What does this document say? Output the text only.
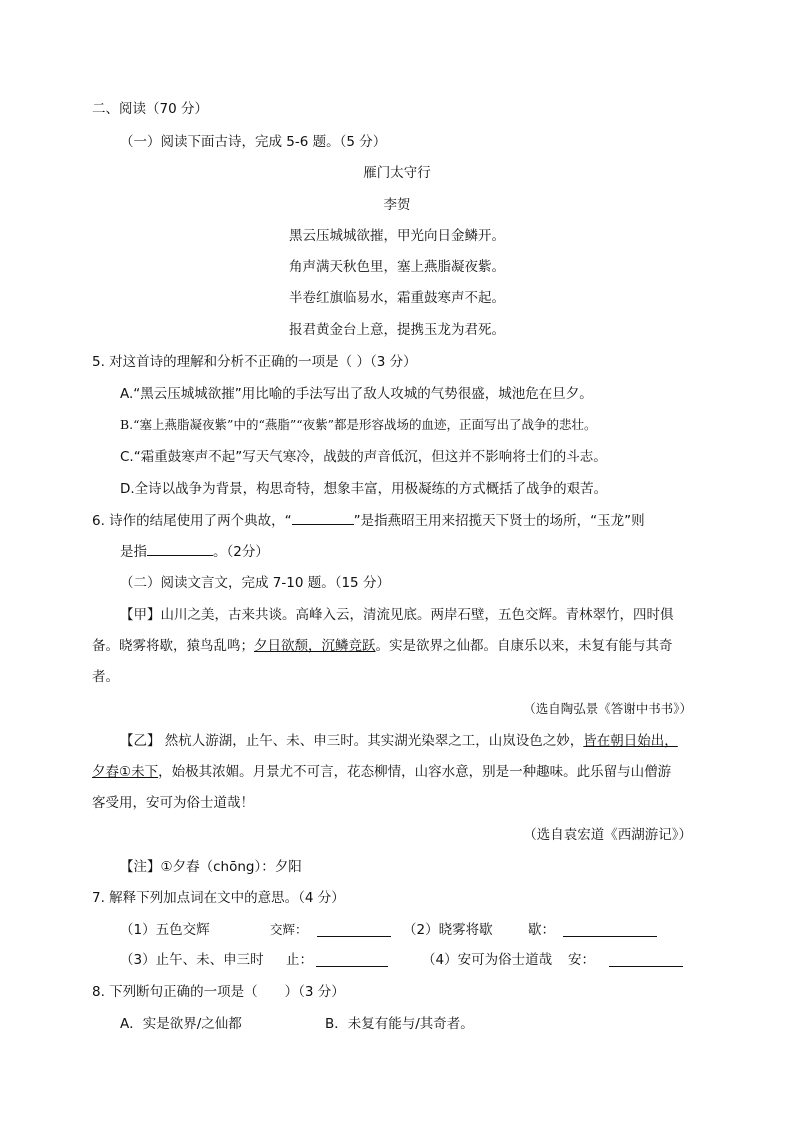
二、阅读（70 分）
（一）阅读下面古诗，完成 5-6 题。（5 分）
雁门太守行
李贺
黑云压城城欲摧，甲光向日金鳞开。
角声满天秋色里，塞上燕脂凝夜紫。
半卷红旗临易水，霜重鼓寒声不起。
报君黄金台上意，提携玉龙为君死。
5. 对这首诗的理解和分析不正确的一项是（ ）（3 分）
A.“黑云压城城欲摧”用比喻的手法写出了敌人攻城的气势很盛，城池危在旦夕。
B.“塞上燕脂凝夜紫”中的“燕脂”“夜紫”都是形容战场的血迹，正面写出了战争的悲壮。
C.“霜重鼓寒声不起”写天气寒冷，战鼓的声音低沉，但这并不影响将士们的斗志。
D.全诗以战争为背景，构思奇特，想象丰富，用极凝练的方式概括了战争的艰苦。
6. 诗作的结尾使用了两个典故，“	”是指燕昭王用来招揽天下贤士的场所，“玉龙”则
是指	。（2分）
（二）阅读文言文，完成 7-10 题。（15 分）
【甲】山川之美，古来共谈。高峰入云，清流见底。两岸石壁，五色交辉。青林翠竹，四时俱
备。晓雾将歇，猿鸟乱鸣；夕日欲颓，沉鳞竞跃。实是欲界之仙都。自康乐以来，未复有能与其奇
者。
（选自陶弘景《答谢中书书》）
【乙】 然杭人游湖，止午、未、申三时。其实湖光染翠之工，山岚设色之妙，皆在朝日始出，
夕舂①未下，始极其浓媚。月景尤不可言，花态柳情，山容水意，别是一种趣味。此乐留与山僧游
客受用，安可为俗士道哉！
（选自袁宏道《西湖游记》）
【注】①夕舂（chōng）：夕阳
7. 解释下列加点词在文中的意思。（4 分）
（1）五色交辉	交辉：	（2）晓雾将歇	歇：
（3）止午、未、申三时 止：	（4）安可为俗士道哉 安：
8. 下列断句正确的一项是（　　）（3 分）
A．实是欲界/之仙都	B．未复有能与/其奇者。
